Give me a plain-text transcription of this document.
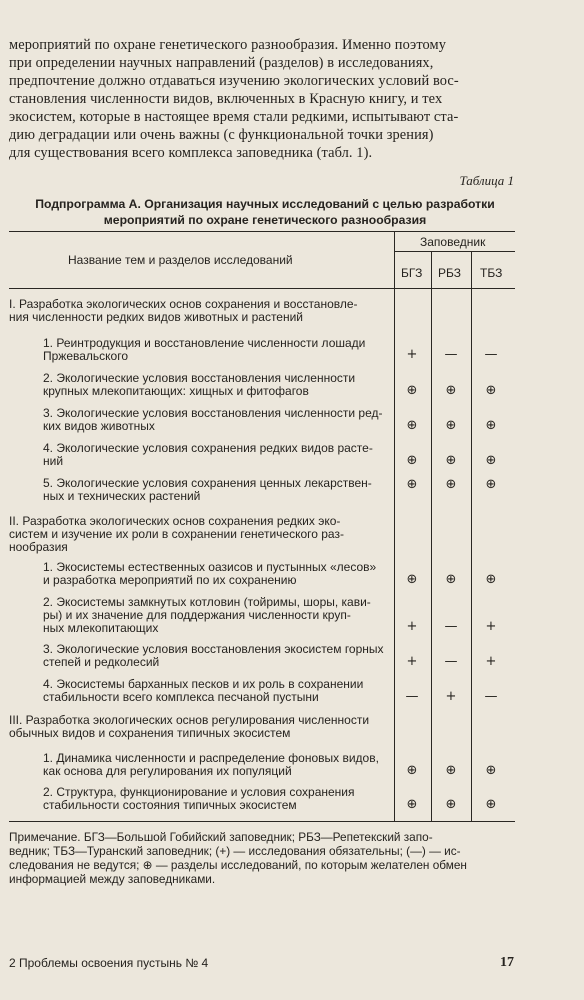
мероприятий по охране генетического разнообразия. Именно поэтому
при определении научных направлений (разделов) в исследованиях,
предпочтение должно отдаваться изучению экологических условий вос-
становления численности видов, включенных в Красную книгу, и тех
экосистем, которые в настоящее время стали редкими, испытывают ста-
дию деградации или очень важны (с функциональной точки зрения)
для существования всего комплекса заповедника (табл. 1).
Таблица 1
Подпрограмма А. Организация научных исследований с целью разработки
мероприятий по охране генетического разнообразия
Название тем и разделов исследований
Заповедник
БГЗ РБЗ ТБЗ
I. Разработка экологических основ сохранения и восстановле-
ния численности редких видов животных и растений
1. Реинтродукция и восстановление численности лошади
Пржевальского	+	— —
2. Экологические условия восстановления численности
крупных млекопитающих: хищных и фитофагов	⊕	⊕	⊕
3. Экологические условия восстановления численности ред-
ких видов животных	⊕	⊕	⊕
4. Экологические условия сохранения редких видов расте-
ний	⊕	⊕	⊕
5. Экологические условия сохранения ценных лекарствен-
ных и технических растений
⊕	⊕	⊕
II. Разработка экологических основ сохранения редких эко-
систем и изучение их роли в сохранении генетического раз-
нообразия
1. Экосистемы естественных оазисов и пустынных «лесов»
и разработка мероприятий по их сохранению	⊕	⊕	⊕
2. Экосистемы замкнутых котловин (тойримы, шоры, кави-
ры) и их значение для поддержания численности круп-
ных млекопитающих	+	—	+
3. Экологические условия восстановления экосистем горных
степей и редколесий	+	—	+
4. Экосистемы барханных песков и их роль в сохранении
стабильности всего комплекса песчаной пустыни	—	+	—
III. Разработка экологических основ регулирования численности
обычных видов и сохранения типичных экосистем
1. Динамика численности и распределение фоновых видов,
как основа для регулирования их популяций	⊕	⊕	⊕
2. Структура, функционирование и условия сохранения
стабильности состояния типичных экосистем	⊕	⊕	⊕
Примечание. БГЗ—Большой Гобийский заповедник; РБЗ—Репетекский запо-
ведник; ТБЗ—Туранский заповедник; (+) — исследования обязательны; (—) — ис-
следования не ведутся; ⊕ — разделы исследований, по которым желателен обмен
информацией между заповедниками.
2 Проблемы освоения пустынь № 4	17
